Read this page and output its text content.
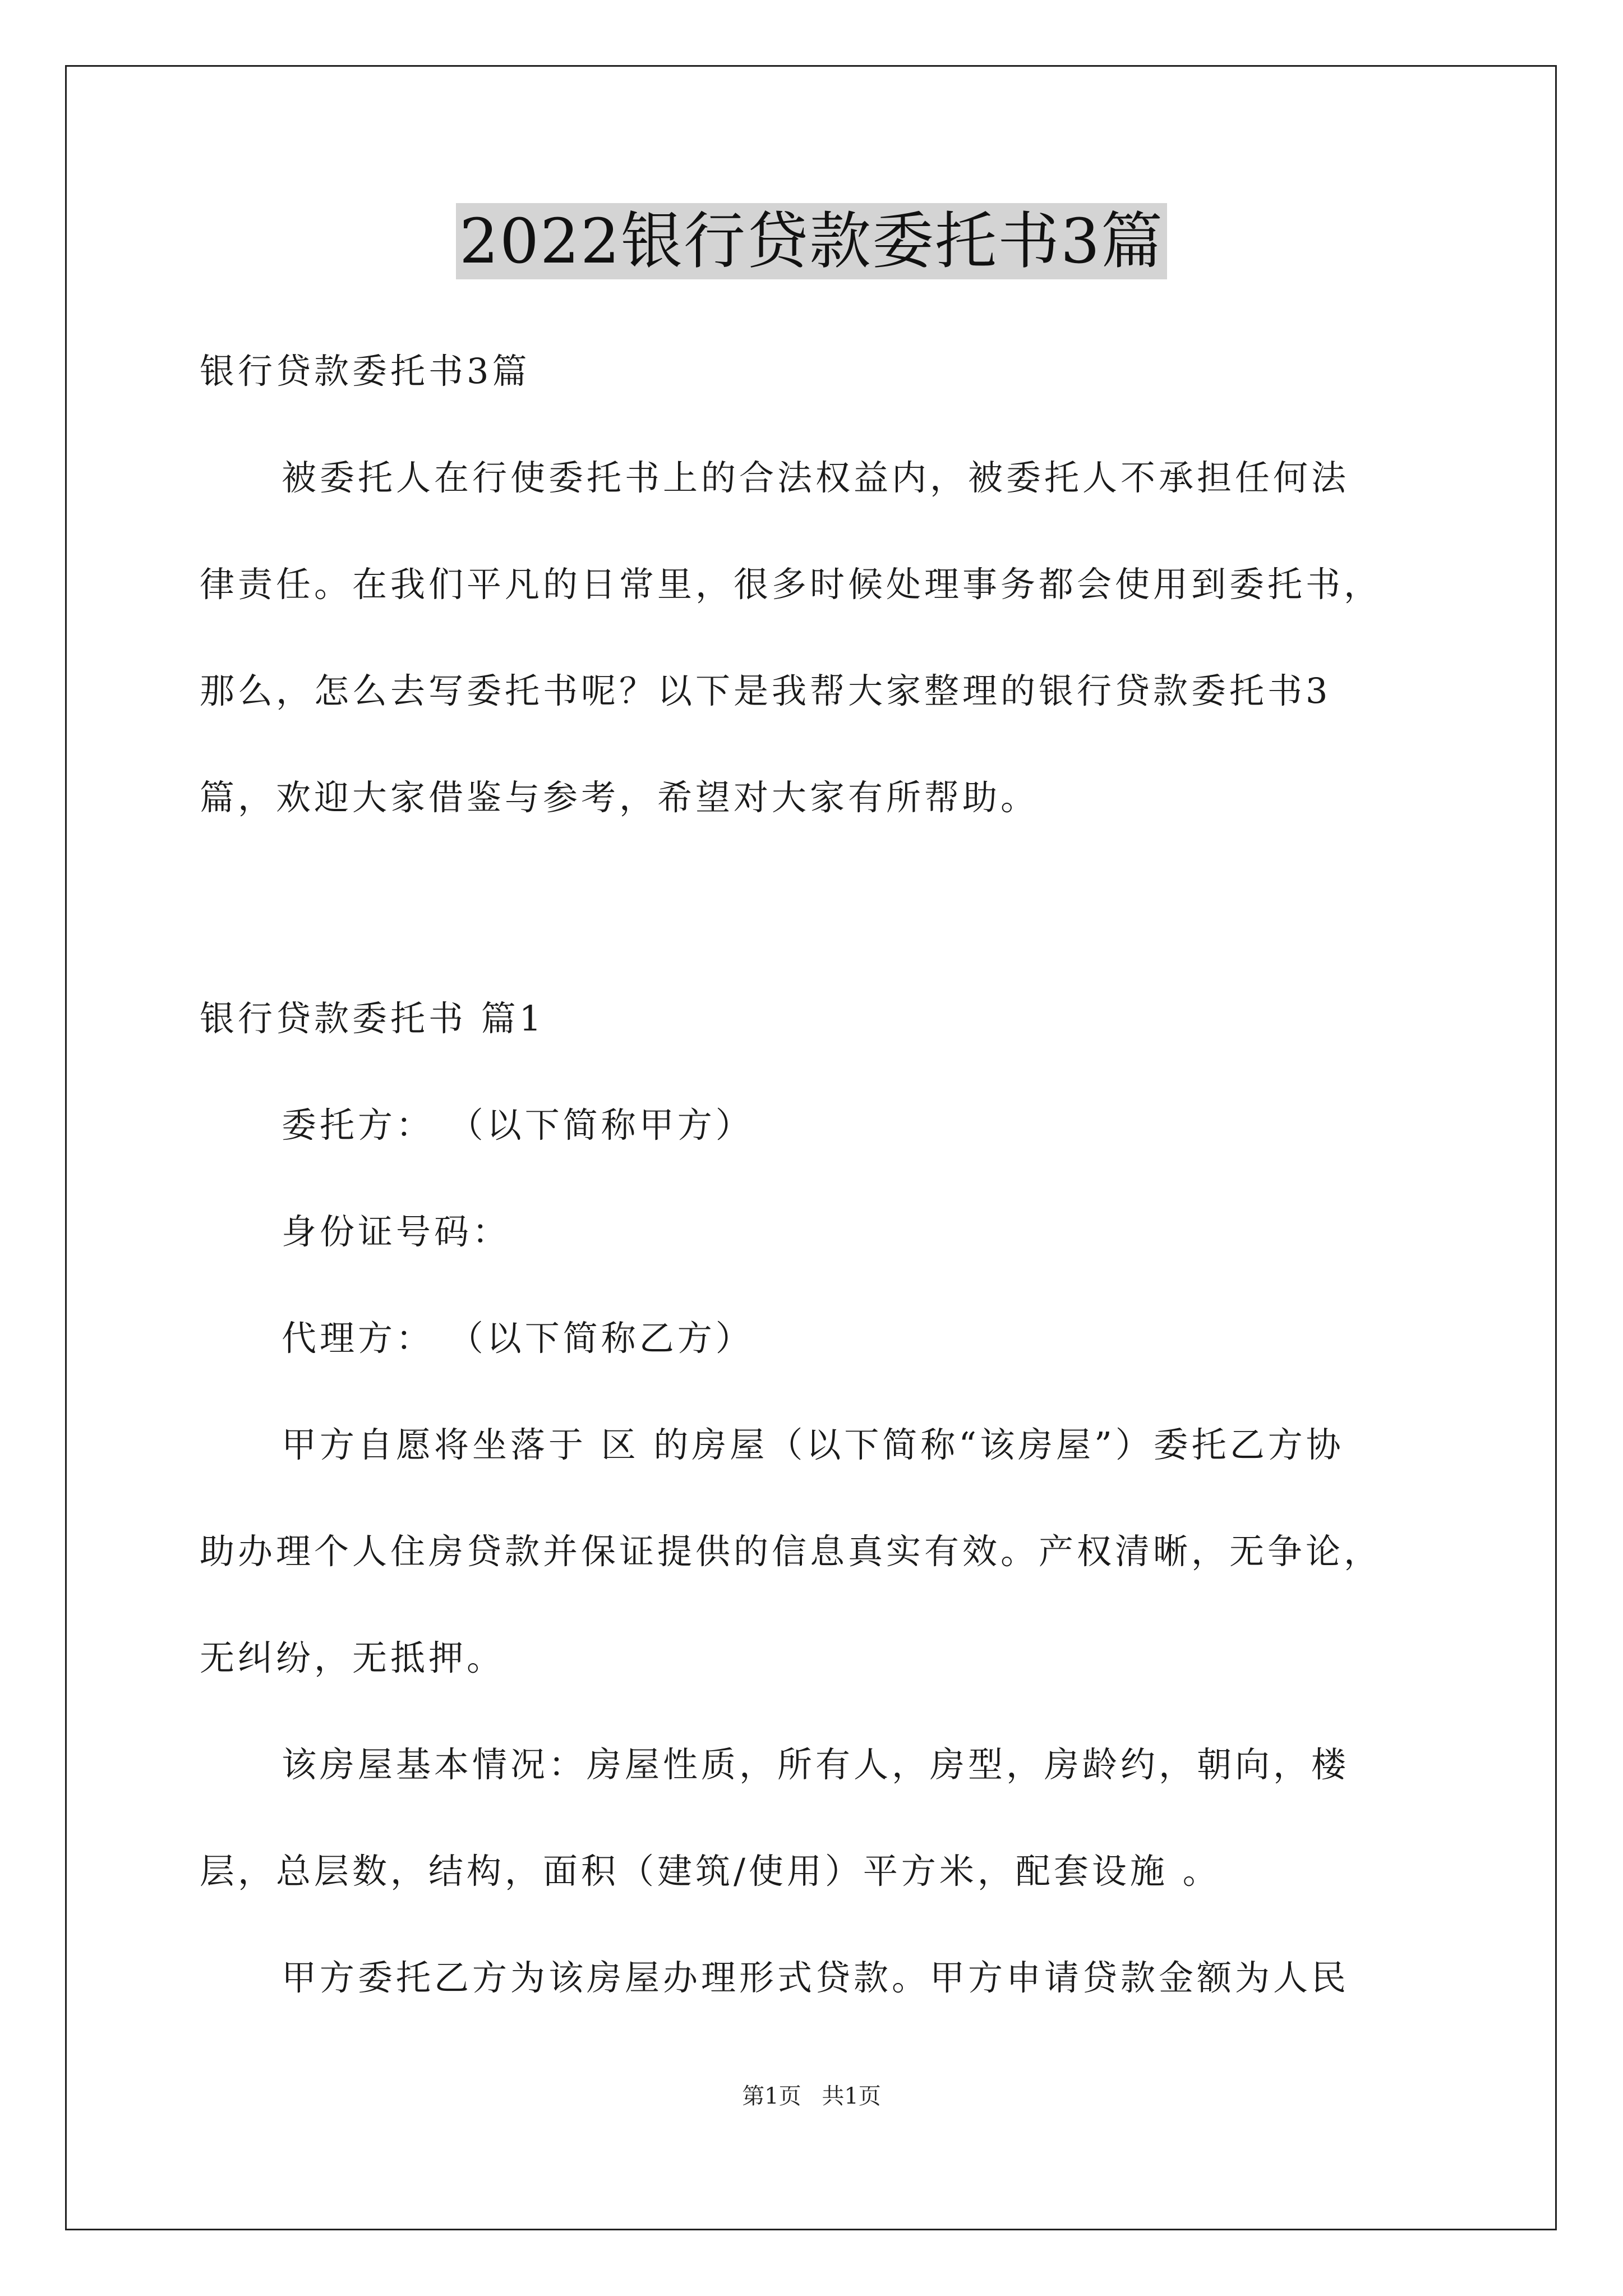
2022银行贷款委托书3篇
银行贷款委托书3篇
被委托人在行使委托书上的合法权益内，被委托人不承担任何法
律责任。在我们平凡的日常里，很多时候处理事务都会使用到委托书，
那么，怎么去写委托书呢？以下是我帮大家整理的银行贷款委托书3
篇，欢迎大家借鉴与参考，希望对大家有所帮助。
银行贷款委托书 篇1
委托方： （以下简称甲方）
身份证号码：
代理方： （以下简称乙方）
甲方自愿将坐落于 区 的房屋（以下简称“该房屋”）委托乙方协
助办理个人住房贷款并保证提供的信息真实有效。产权清晰，无争论，
无纠纷，无抵押。
该房屋基本情况：房屋性质，所有人，房型，房龄约，朝向，楼
层，总层数，结构，面积（建筑/使用）平方米，配套设施 。
甲方委托乙方为该房屋办理形式贷款。甲方申请贷款金额为人民
第1页 共1页
